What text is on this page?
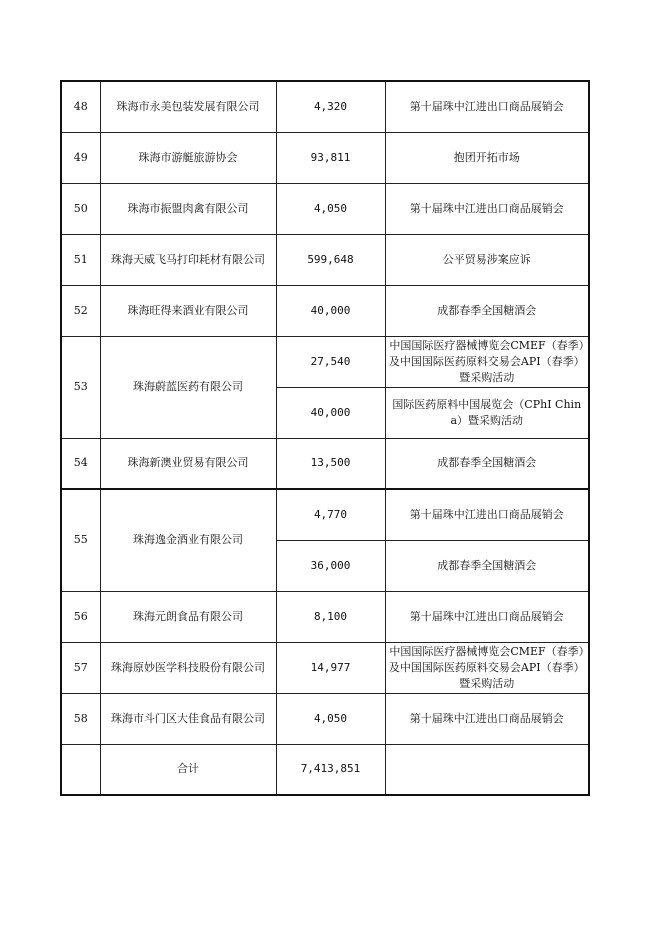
48	珠海市永美包装发展有限公司	4,320	第十届珠中江进出口商品展销会
49	珠海市游艇旅游协会	93,811	抱团开拓市场
50	珠海市振盟肉禽有限公司	4,050	第十届珠中江进出口商品展销会
51	珠海天威飞马打印耗材有限公司	599,648	公平贸易涉案应诉
52	珠海旺得来酒业有限公司	40,000	成都春季全国糖酒会
53	珠海蔚蓝医药有限公司	27,540	中国国际医疗器械博览会CMEF（春季）及中国国际医药原料交易会API（春季）暨采购活动
		40,000	国际医药原料中国展览会（CPhI China）暨采购活动
54	珠海新澳业贸易有限公司	13,500	成都春季全国糖酒会
55	珠海逸金酒业有限公司	4,770	第十届珠中江进出口商品展销会
		36,000	成都春季全国糖酒会
56	珠海元朗食品有限公司	8,100	第十届珠中江进出口商品展销会
57	珠海原妙医学科技股份有限公司	14,977	中国国际医疗器械博览会CMEF（春季）及中国国际医药原料交易会API（春季）暨采购活动
58	珠海市斗门区大佳食品有限公司	4,050	第十届珠中江进出口商品展销会
	合计	7,413,851	
